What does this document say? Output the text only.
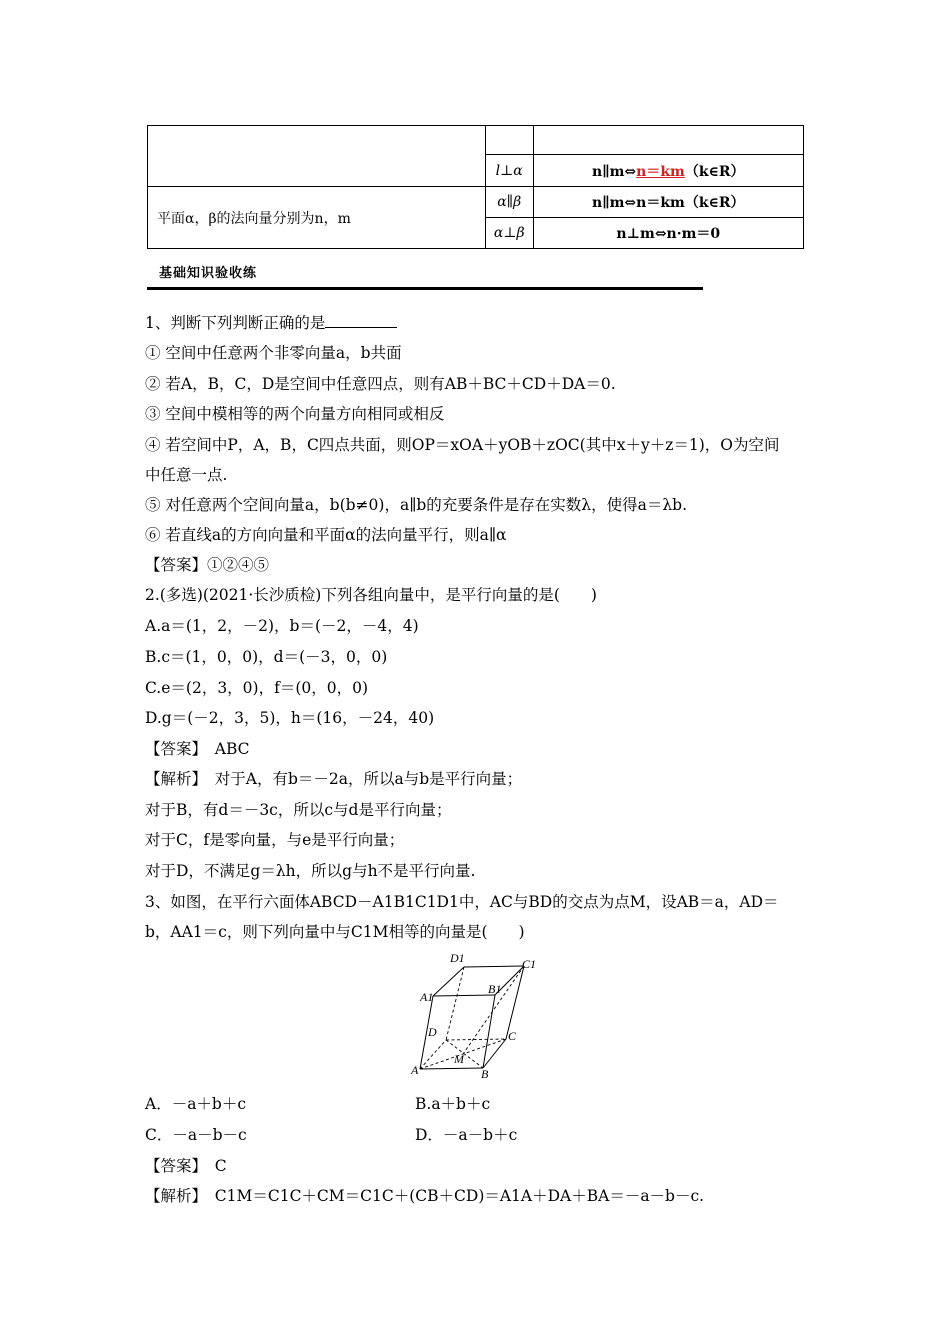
	l⊥α	n∥m⇔n＝km（k∈R）
平面α，β的法向量分别为n，m	α∥β	n∥m⇔n＝km（k∈R）
	α⊥β	n⊥m⇔n·m＝0
基础知识验收练
1、判断下列判断正确的是
① 空间中任意两个非零向量a，b共面
② 若A，B，C，D是空间中任意四点，则有AB＋BC＋CD＋DA＝0.
③ 空间中模相等的两个向量方向相同或相反
④ 若空间中P，A，B，C四点共面，则OP＝xOA＋yOB＋zOC(其中x＋y＋z＝1)，O为空间
中任意一点.
⑤ 对任意两个空间向量a，b(b≠0)，a∥b的充要条件是存在实数λ，使得a＝λb.
⑥ 若直线a的方向向量和平面α的法向量平行，则a∥α
【答案】①②④⑤
2.(多选)(2021·长沙质检)下列各组向量中，是平行向量的是(　　)
A.a＝(1，2，－2)，b＝(－2，－4，4)
B.c＝(1，0，0)，d＝(－3，0，0)
C.e＝(2，3，0)，f＝(0，0，0)
D.g＝(－2，3，5)，h＝(16，－24，40)
【答案】　ABC
【解析】　对于A，有b＝－2a，所以a与b是平行向量；
对于B，有d＝－3c，所以c与d是平行向量；
对于C，f是零向量，与e是平行向量；
对于D，不满足g＝λh，所以g与h不是平行向量.
3、如图，在平行六面体ABCD－A1B1C1D1中，AC与BD的交点为点M，设AB＝a，AD＝
b，AA1＝c，则下列向量中与C1M相等的向量是(　　)
D1	C1
A1
B1
D	C
M
A	B
A．－a＋b＋c	B.a＋b＋c
C．－a－b－c	D．－a－b＋c
【答案】　C
【解析】　C1M＝C1C＋CM＝C1C＋(CB＋CD)＝A1A＋DA＋BA＝－a－b－c.
